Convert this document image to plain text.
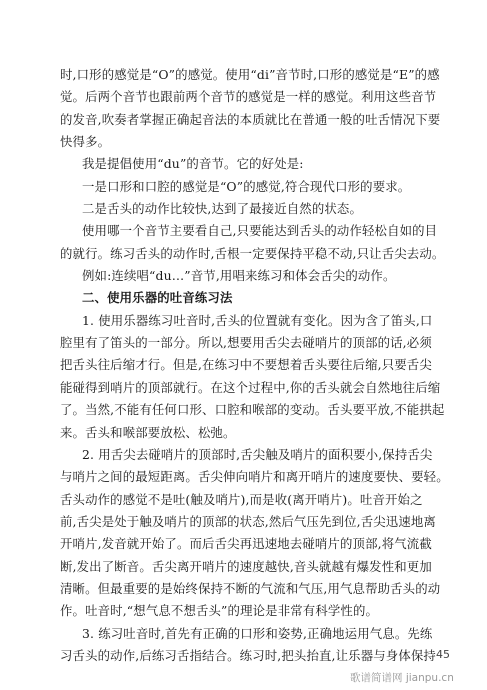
时,口形的感觉是“O”的感觉。使用“di”音节时,口形的感觉是“E”的感
觉。后两个音节也跟前两个音节的感觉是一样的感觉。利用这些音节
的发音,吹奏者掌握正确起音法的本质就比在普通一般的吐舌情况下要
快得多。
我是提倡使用“du”的音节。它的好处是:
一是口形和口腔的感觉是“O”的感觉,符合现代口形的要求。
二是舌头的动作比较快,达到了最接近自然的状态。
使用哪一个音节主要看自己,只要能达到舌头的动作轻松自如的目
的就行。练习舌头的动作时,舌根一定要保持平稳不动,只让舌尖去动。
例如:连续唱“du…”音节,用唱来练习和体会舌尖的动作。
二、使用乐器的吐音练习法
1. 使用乐器练习吐音时,舌头的位置就有变化。因为含了笛头,口
腔里有了笛头的一部分。所以,想要用舌尖去碰哨片的顶部的话,必须
把舌头往后缩才行。但是,在练习中不要想着舌头要往后缩,只要舌尖
能碰得到哨片的顶部就行。在这个过程中,你的舌头就会自然地往后缩
了。当然,不能有任何口形、口腔和喉部的变动。舌头要平放,不能拱起
来。舌头和喉部要放松、松弛。
2. 用舌尖去碰哨片的顶部时,舌尖触及哨片的面积要小,保持舌尖
与哨片之间的最短距离。舌尖伸向哨片和离开哨片的速度要快、要轻。
舌头动作的感觉不是吐(触及哨片),而是收(离开哨片)。吐音开始之
前,舌尖是处于触及哨片的顶部的状态,然后气压先到位,舌尖迅速地离
开哨片,发音就开始了。而后舌尖再迅速地去碰哨片的顶部,将气流截
断,发出了断音。舌尖离开哨片的速度越快,音头就越有爆发性和更加
清晰。但最重要的是始终保持不断的气流和气压,用气息帮助舌头的动
作。吐音时,“想气息不想舌头”的理论是非常有科学性的。
3. 练习吐音时,首先有正确的口形和姿势,正确地运用气息。先练
习舌头的动作,后练习舌指结合。练习时,把头抬直,让乐器与身体保持 45
歌谱简谱网 jianpu.cn
